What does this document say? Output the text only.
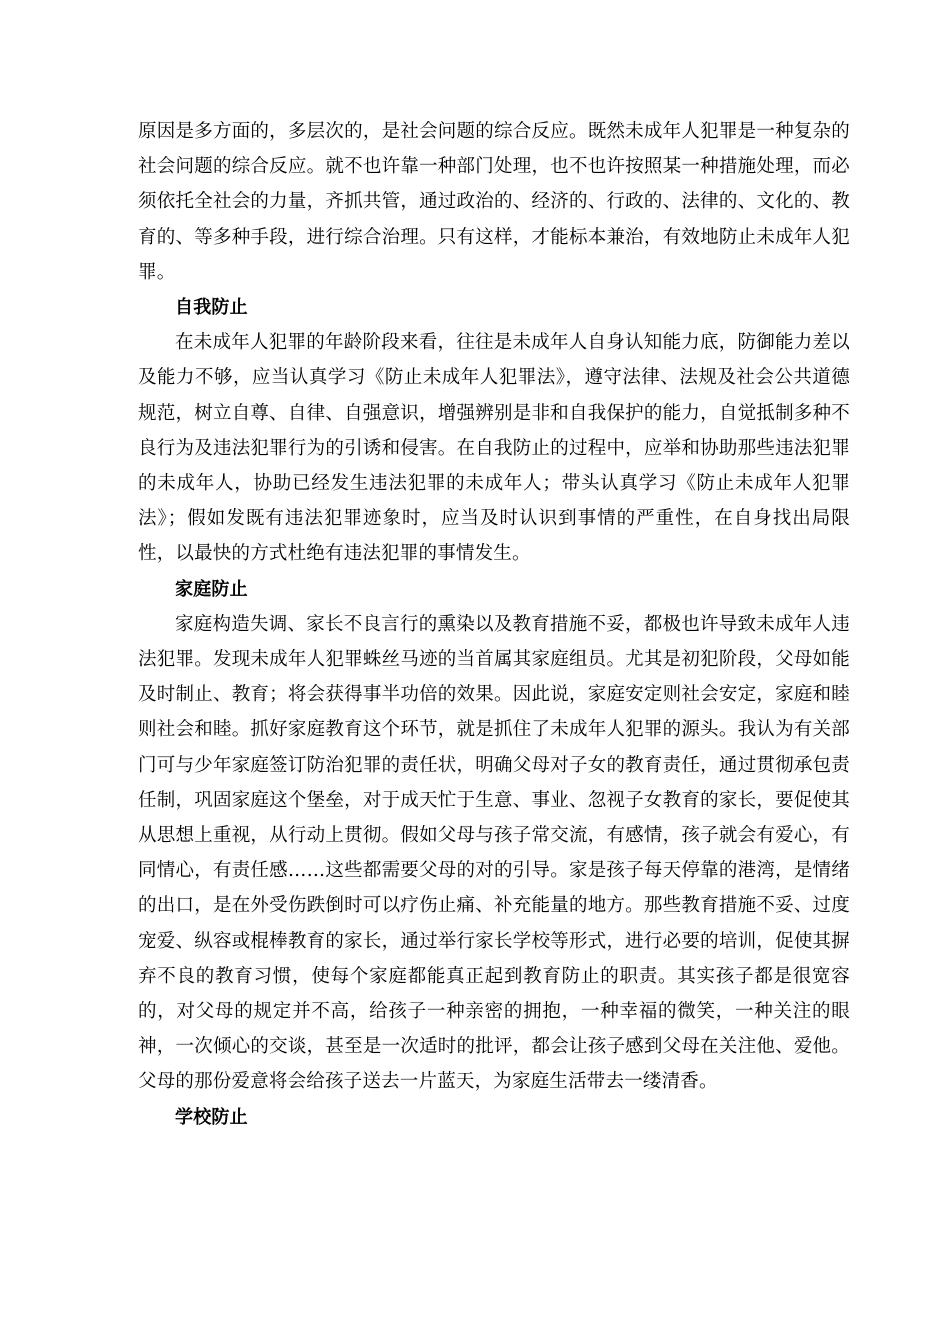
原因是多方面的，多层次的，是社会问题的综合反应。既然未成年人犯罪是一种复杂的社会问题的综合反应。就不也许靠一种部门处理，也不也许按照某一种措施处理，而必须依托全社会的力量，齐抓共管，通过政治的、经济的、行政的、法律的、文化的、教育的、等多种手段，进行综合治理。只有这样，才能标本兼治，有效地防止未成年人犯罪。

自我防止

在未成年人犯罪的年龄阶段来看，往往是未成年人自身认知能力底，防御能力差以及能力不够，应当认真学习《防止未成年人犯罪法》，遵守法律、法规及社会公共道德规范，树立自尊、自律、自强意识，增强辨别是非和自我保护的能力，自觉抵制多种不良行为及违法犯罪行为的引诱和侵害。在自我防止的过程中，应举和协助那些违法犯罪的未成年人，协助已经发生违法犯罪的未成年人；带头认真学习《防止未成年人犯罪法》；假如发既有违法犯罪迹象时，应当及时认识到事情的严重性，在自身找出局限性，以最快的方式杜绝有违法犯罪的事情发生。

家庭防止

家庭构造失调、家长不良言行的熏染以及教育措施不妥，都极也许导致未成年人违法犯罪。发现未成年人犯罪蛛丝马迹的当首属其家庭组员。尤其是初犯阶段，父母如能及时制止、教育；将会获得事半功倍的效果。因此说，家庭安定则社会安定，家庭和睦则社会和睦。抓好家庭教育这个环节，就是抓住了未成年人犯罪的源头。我认为有关部门可与少年家庭签订防治犯罪的责任状，明确父母对子女的教育责任，通过贯彻承包责任制，巩固家庭这个堡垒，对于成天忙于生意、事业、忽视子女教育的家长，要促使其从思想上重视，从行动上贯彻。假如父母与孩子常交流，有感情，孩子就会有爱心，有同情心，有责任感……这些都需要父母的对的引导。家是孩子每天停靠的港湾，是情绪的出口，是在外受伤跌倒时可以疗伤止痛、补充能量的地方。那些教育措施不妥、过度宠爱、纵容或棍棒教育的家长，通过举行家长学校等形式，进行必要的培训，促使其摒弃不良的教育习惯，使每个家庭都能真正起到教育防止的职责。其实孩子都是很宽容的，对父母的规定并不高，给孩子一种亲密的拥抱，一种幸福的微笑，一种关注的眼神，一次倾心的交谈，甚至是一次适时的批评，都会让孩子感到父母在关注他、爱他。父母的那份爱意将会给孩子送去一片蓝天，为家庭生活带去一缕清香。

学校防止
